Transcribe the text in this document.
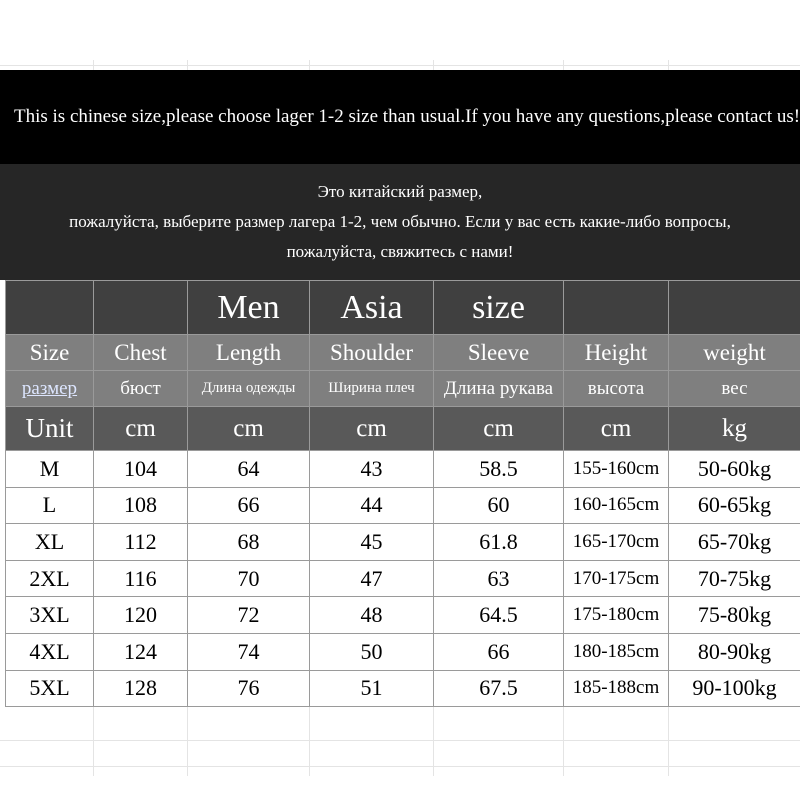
This is chinese size,please choose lager 1-2 size than usual.If you have any questions,please contact us!
Это китайский размер,
пожалуйста, выберите размер лагера 1-2, чем обычно. Если у вас есть какие-либо вопросы,
пожалуйста, свяжитесь с нами!
		Men	Asia	size		
Size	Chest	Length	Shoulder	Sleeve	Height	weight
размер	бюст	Длина одежды	Ширина плеч	Длина рукава	высота	вес
Unit	cm	cm	cm	cm	cm	kg
M	104	64	43	58.5	155-160cm	50-60kg
L	108	66	44	60	160-165cm	60-65kg
XL	112	68	45	61.8	165-170cm	65-70kg
2XL	116	70	47	63	170-175cm	70-75kg
3XL	120	72	48	64.5	175-180cm	75-80kg
4XL	124	74	50	66	180-185cm	80-90kg
5XL	128	76	51	67.5	185-188cm	90-100kg
